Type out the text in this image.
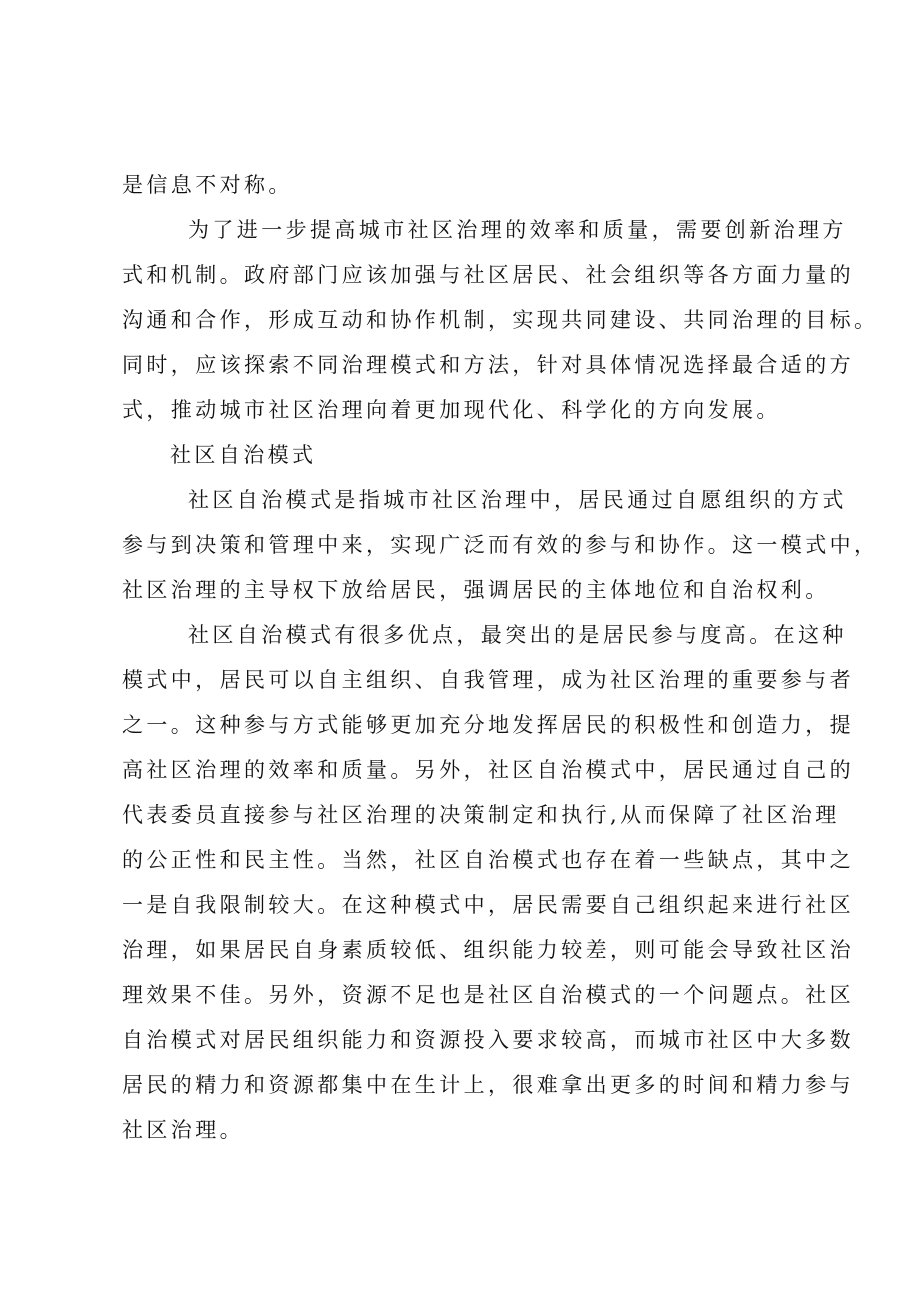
是信息不对称。
为了进一步提高城市社区治理的效率和质量，需要创新治理方
式和机制。政府部门应该加强与社区居民、社会组织等各方面力量的
沟通和合作，形成互动和协作机制，实现共同建设、共同治理的目标。
同时，应该探索不同治理模式和方法，针对具体情况选择最合适的方
式，推动城市社区治理向着更加现代化、科学化的方向发展。
社区自治模式
社区自治模式是指城市社区治理中，居民通过自愿组织的方式
参与到决策和管理中来，实现广泛而有效的参与和协作。这一模式中，
社区治理的主导权下放给居民，强调居民的主体地位和自治权利。
社区自治模式有很多优点，最突出的是居民参与度高。在这种
模式中，居民可以自主组织、自我管理，成为社区治理的重要参与者
之一。这种参与方式能够更加充分地发挥居民的积极性和创造力，提
高社区治理的效率和质量。另外，社区自治模式中，居民通过自己的
代表委员直接参与社区治理的决策制定和执行,从而保障了社区治理
的公正性和民主性。当然，社区自治模式也存在着一些缺点，其中之
一是自我限制较大。在这种模式中，居民需要自己组织起来进行社区
治理，如果居民自身素质较低、组织能力较差，则可能会导致社区治
理效果不佳。另外，资源不足也是社区自治模式的一个问题点。社区
自治模式对居民组织能力和资源投入要求较高，而城市社区中大多数
居民的精力和资源都集中在生计上，很难拿出更多的时间和精力参与
社区治理。
